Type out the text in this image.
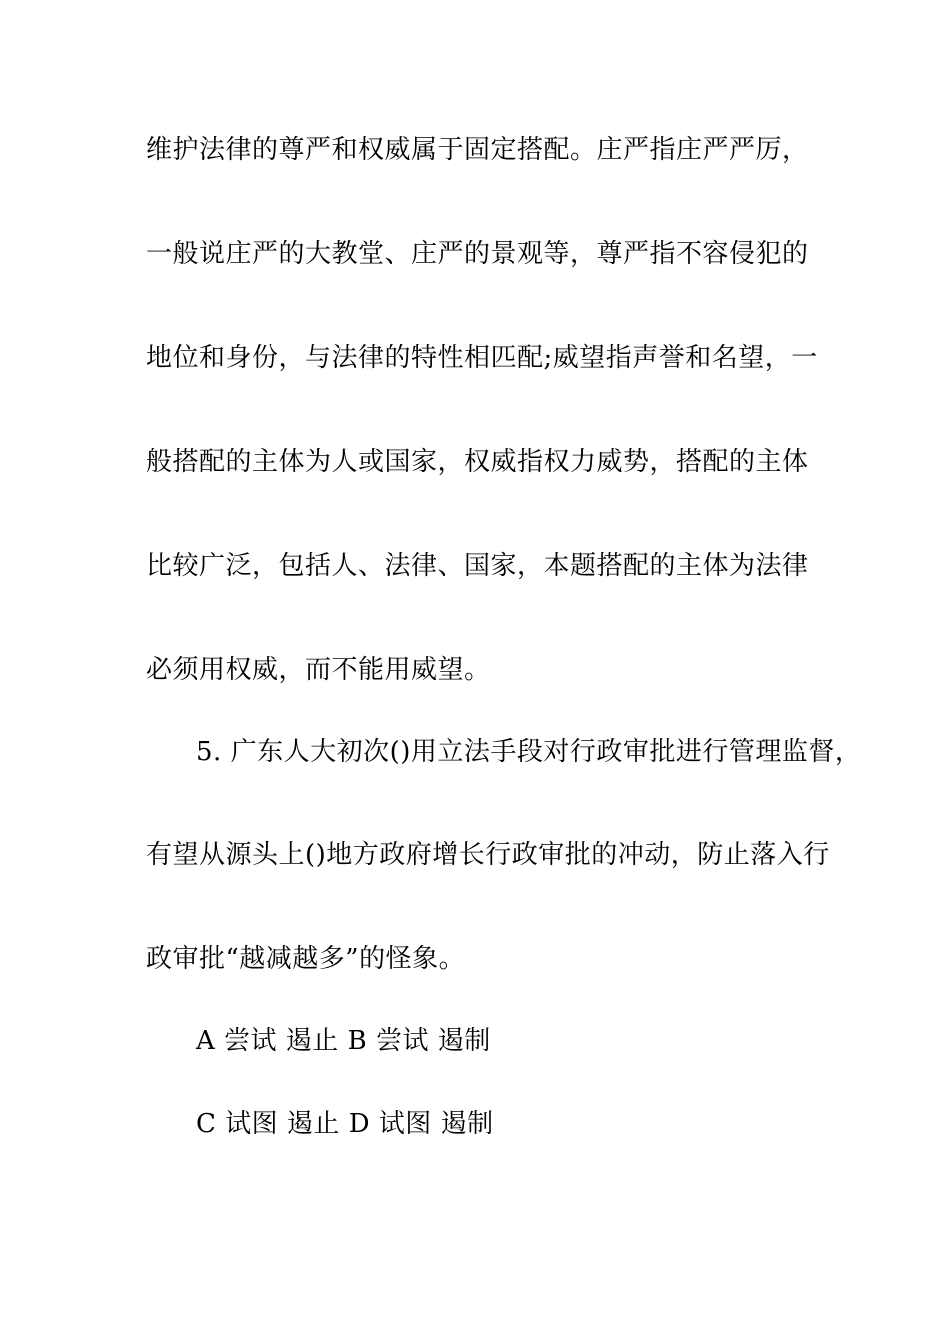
维护法律的尊严和权威属于固定搭配。庄严指庄严严厉，
一般说庄严的大教堂、庄严的景观等，尊严指不容侵犯的
地位和身份，与法律的特性相匹配;威望指声誉和名望，一
般搭配的主体为人或国家，权威指权力威势，搭配的主体
比较广泛，包括人、法律、国家，本题搭配的主体为法律
必须用权威，而不能用威望。
5. 广东人大初次()用立法手段对行政审批进行管理监督，
有望从源头上()地方政府增长行政审批的冲动，防止落入行
政审批“越减越多”的怪象。
A 尝试 遏止 B 尝试 遏制
C 试图 遏止 D 试图 遏制
